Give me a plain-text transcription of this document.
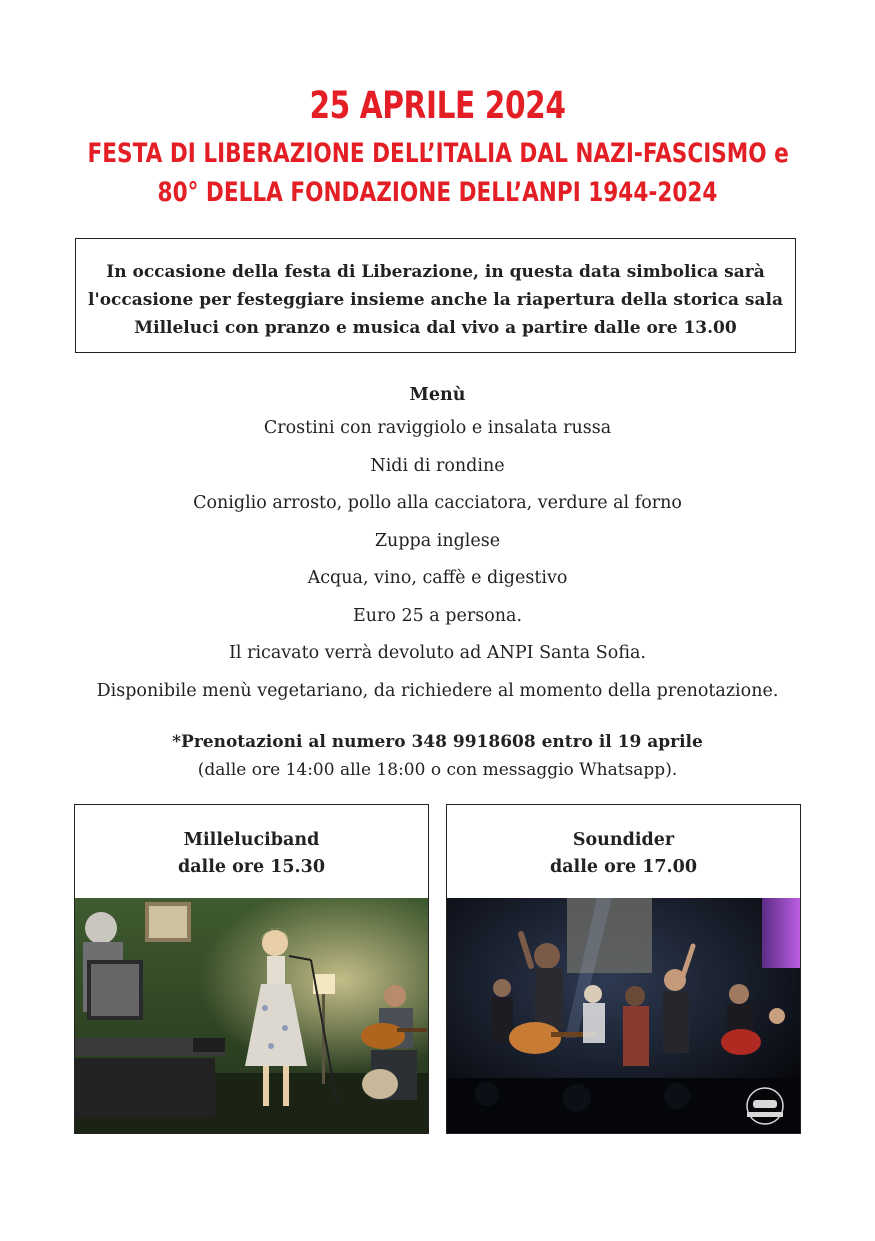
25 APRILE 2024
FESTA DI LIBERAZIONE DELL’ITALIA DAL NAZI-FASCISMO e
80° DELLA FONDAZIONE DELL’ANPI 1944-2024
In occasione della festa di Liberazione, in questa data simbolica sarà
l'occasione per festeggiare insieme anche la riapertura della storica sala
Milleluci con pranzo e musica dal vivo a partire dalle ore 13.00
Menù
Crostini con raviggiolo e insalata russa
Nidi di rondine
Coniglio arrosto, pollo alla cacciatora, verdure al forno
Zuppa inglese
Acqua, vino, caffè e digestivo
Euro 25 a persona.
Il ricavato verrà devoluto ad ANPI Santa Sofia.
Disponibile menù vegetariano, da richiedere al momento della prenotazione.
*Prenotazioni al numero 348 9918608 entro il 19 aprile
(dalle ore 14:00 alle 18:00 o con messaggio Whatsapp).
Milleluciband
dalle ore 15.30
Soundider
dalle ore 17.00
